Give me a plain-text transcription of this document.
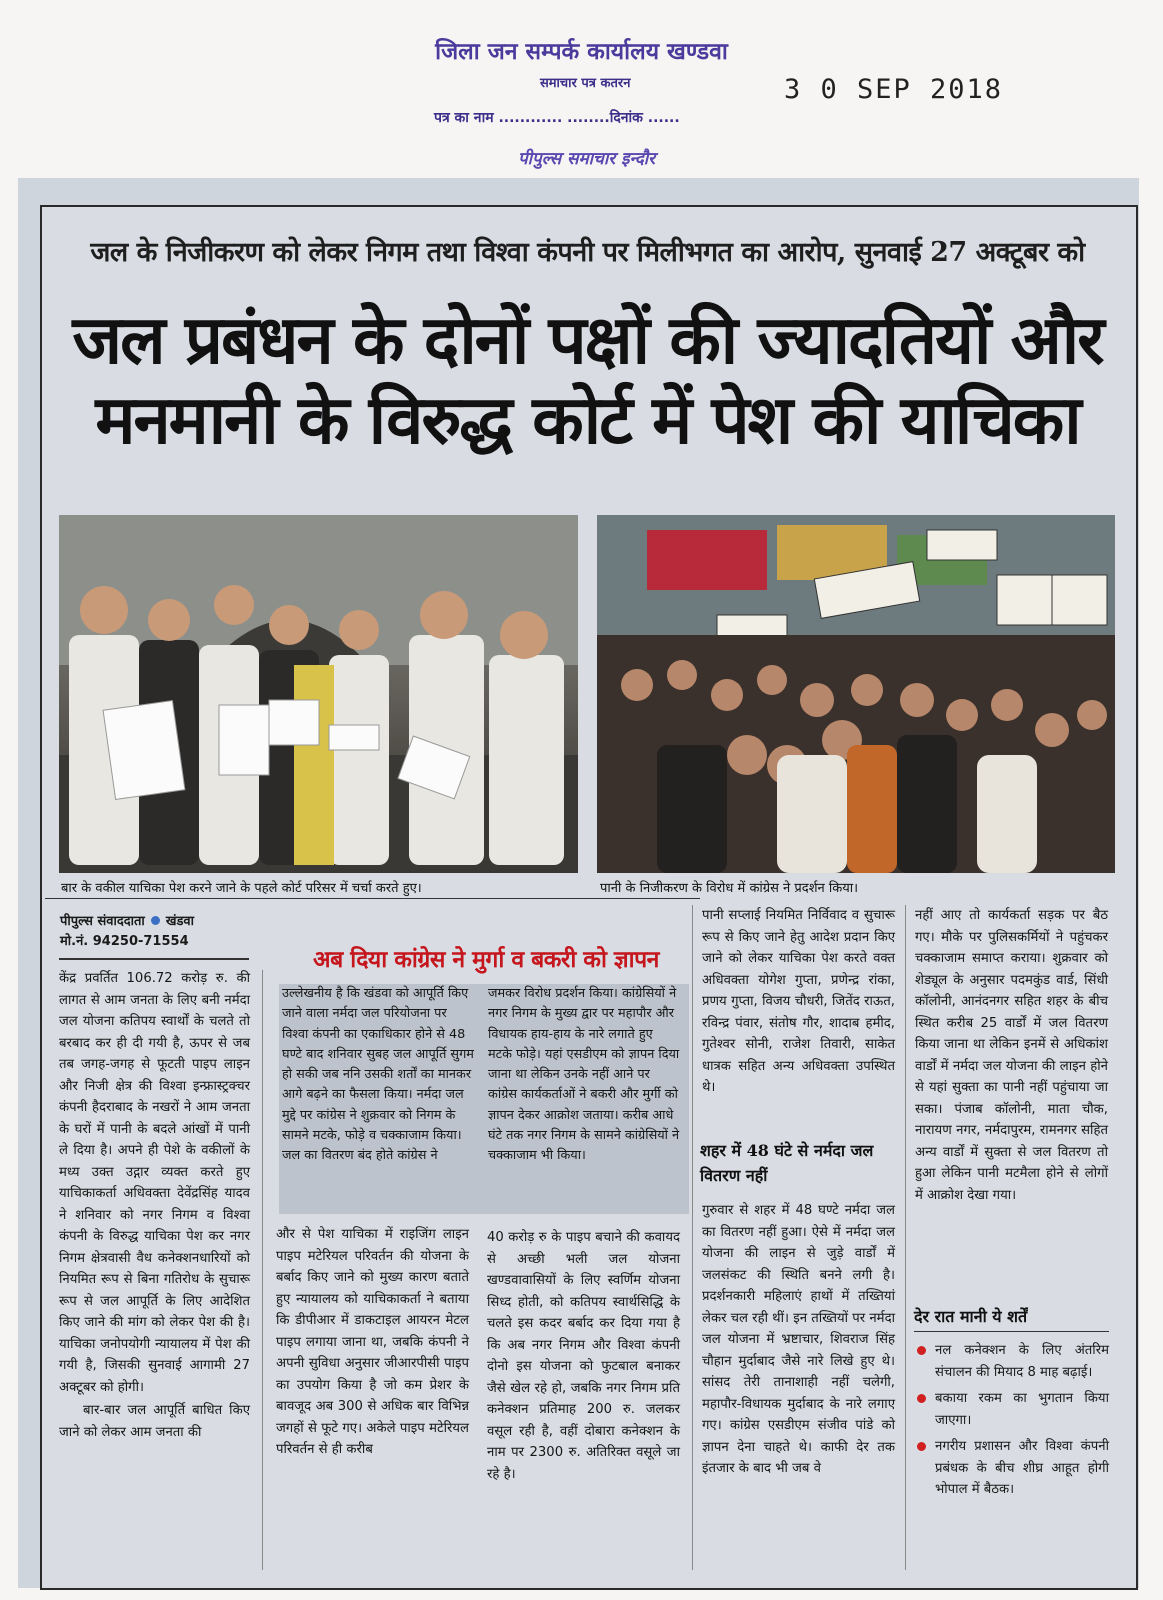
जिला जन सम्पर्क कार्यालय खण्डवा
समाचार पत्र कतरन	3 0 SEP 2018
पत्र का नाम ............ ........दिनांक ......
पीपुल्स समाचार इन्दौर
जल के निजीकरण को लेकर निगम तथा विश्वा कंपनी पर मिलीभगत का आरोप, सुनवाई 27 अक्टूबर को
जल प्रबंधन के दोनों पक्षों की ज्यादतियों और
मनमानी के विरुद्ध कोर्ट में पेश की याचिका
बार के वकील याचिका पेश करने जाने के पहले कोर्ट परिसर में चर्चा करते हुए।	पानी के निजीकरण के विरोध में कांग्रेस ने प्रदर्शन किया।
पीपुल्स संवाददाता खंडवा
मो.नं. 94250-71554
अब दिया कांग्रेस ने मुर्गा व बकरी को ज्ञापन

केंद्र प्रवर्तित 106.72 करोड़ रु. की लागत से आम जनता के लिए बनी नर्मदा जल योजना कतिपय स्वार्थों के चलते तो बरबाद कर ही दी गयी है, ऊपर से जब तब जगह-जगह से फूटती पाइप लाइन और निजी क्षेत्र की विश्वा इन्फ्रास्ट्रक्चर कंपनी हैदराबाद के नखरों ने आम जनता के घरों में पानी के बदले आंखों में पानी ले दिया है। अपने ही पेशे के वकीलों के मध्य उक्त उद्गार व्यक्त करते हुए याचिकाकर्ता अधिवक्ता देवेंद्रसिंह यादव ने शनिवार को नगर निगम व विश्वा कंपनी के विरुद्ध याचिका पेश कर नगर निगम क्षेत्रवासी वैध कनेक्शनधारियों को नियमित रूप से बिना गतिरोध के सुचारू रूप से जल आपूर्ति के लिए आदेशित किए जाने की मांग को लेकर पेश की है। याचिका जनोपयोगी न्यायालय में पेश की गयी है, जिसकी सुनवाई आगामी 27 अक्टूबर को होगी।

बार-बार जल आपूर्ति बाधित किए जाने को लेकर आम जनता की

उल्लेखनीय है कि खंडवा को आपूर्ति किए जाने वाला नर्मदा जल परियोजना पर विश्वा कंपनी का एकाधिकार होने से 48 घण्टे बाद शनिवार सुबह जल आपूर्ति सुगम हो सकी जब ननि उसकी शर्तों का मानकर आगे बढ़ने का फैसला किया। नर्मदा जल मुद्दे पर कांग्रेस ने शुक्रवार को निगम के सामने मटके, फोड़े व चक्काजाम किया। जल का वितरण बंद होते कांग्रेस ने
जमकर विरोध प्रदर्शन किया। कांग्रेसियों ने नगर निगम के मुख्य द्वार पर महापौर और विधायक हाय-हाय के नारे लगाते हुए मटके फोड़े। यहां एसडीएम को ज्ञापन दिया जाना था लेकिन उनके नहीं आने पर कांग्रेस कार्यकर्ताओं ने बकरी और मुर्गी को ज्ञापन देकर आक्रोश जताया। करीब आधे घंटे तक नगर निगम के सामने कांग्रेसियों ने चक्काजाम भी किया।
और से पेश याचिका में राइजिंग लाइन पाइप मटेरियल परिवर्तन की योजना के बर्बाद किए जाने को मुख्य कारण बताते हुए न्यायालय को याचिकाकर्ता ने बताया कि डीपीआर में डाकटाइल आयरन मेटल पाइप लगाया जाना था, जबकि कंपनी ने अपनी सुविधा अनुसार जीआरपीसी पाइप का उपयोग किया है जो कम प्रेशर के बावजूद अब 300 से अधिक बार विभिन्न जगहों से फूटे गए। अकेले पाइप मटेरियल परिवर्तन से ही करीब
40 करोड़ रु के पाइप बचाने की कवायद से अच्छी भली जल योजना खण्डवावासियों के लिए स्वर्णिम योजना सिध्द होती, को कतिपय स्वार्थसिद्धि के चलते इस कदर बर्बाद कर दिया गया है कि अब नगर निगम और विश्वा कंपनी दोनो इस योजना को फुटबाल बनाकर जैसे खेल रहे हो, जबकि नगर निगम प्रति कनेक्शन प्रतिमाह 200 रु. जलकर वसूल रही है, वहीं दोबारा कनेक्शन के नाम पर 2300 रु. अतिरिक्त वसूले जा रहे है।
पानी सप्लाई नियमित निर्विवाद व सुचारू रूप से किए जाने हेतु आदेश प्रदान किए जाने को लेकर याचिका पेश करते वक्त अधिवक्ता योगेश गुप्ता, प्रणेन्द्र रांका, प्रणय गुप्ता, विजय चौधरी, जितेंद राऊत, रविन्द्र पंवार, संतोष गौर, शादाब हमीद, गुतेश्वर सोनी, राजेश तिवारी, साकेत धात्रक सहित अन्य अधिवक्ता उपस्थित थे।
शहर में 48 घंटे से नर्मदा जल वितरण नहीं
गुरुवार से शहर में 48 घण्टे नर्मदा जल का वितरण नहीं हुआ। ऐसे में नर्मदा जल योजना की लाइन से जुड़े वार्डों में जलसंकट की स्थिति बनने लगी है। प्रदर्शनकारी महिलाएं हाथों में तख्तियां लेकर चल रही थीं। इन तख्तियों पर नर्मदा जल योजना में भ्रष्टाचार, शिवराज सिंह चौहान मुर्दाबाद जैसे नारे लिखे हुए थे। सांसद तेरी तानाशाही नहीं चलेगी, महापौर-विधायक मुर्दाबाद के नारे लगाए गए। कांग्रेस एसडीएम संजीव पांडे को ज्ञापन देना चाहते थे। काफी देर तक इंतजार के बाद भी जब वे
नहीं आए तो कार्यकर्ता सड़क पर बैठ गए। मौके पर पुलिसकर्मियों ने पहुंचकर चक्काजाम समाप्त कराया। शुक्रवार को शेड्यूल के अनुसार पदमकुंड वार्ड, सिंधी कॉलोनी, आनंदनगर सहित शहर के बीच स्थित करीब 25 वार्डों में जल वितरण किया जाना था लेकिन इनमें से अधिकांश वार्डों में नर्मदा जल योजना की लाइन होने से यहां सुक्ता का पानी नहीं पहुंचाया जा सका। पंजाब कॉलोनी, माता चौक, नारायण नगर, नर्मदापुरम, रामनगर सहित अन्य वार्डों में सुक्ता से जल वितरण तो हुआ लेकिन पानी मटमैला होने से लोगों में आक्रोश देखा गया।
देर रात मानी ये शर्तें
नल कनेक्शन के लिए अंतरिम संचालन की मियाद 8 माह बढ़ाई।
बकाया रकम का भुगतान किया जाएगा।
नगरीय प्रशासन और विश्वा कंपनी प्रबंधक के बीच शीघ्र आहूत होगी भोपाल में बैठक।
